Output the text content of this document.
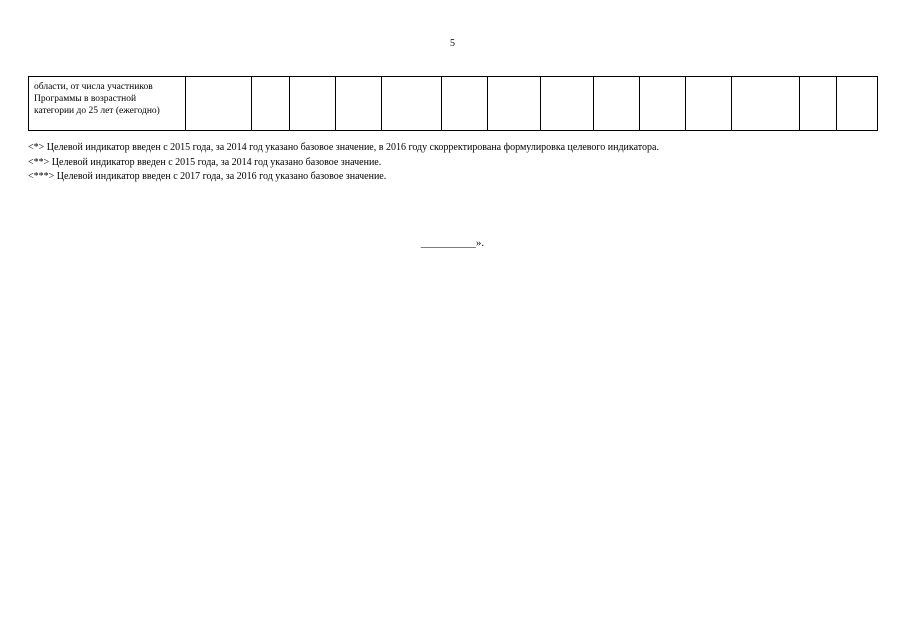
5
области, от числа участников
Программы в возрастной
категории до 25 лет (ежегодно)														
<*> Целевой индикатор введен с 2015 года, за 2014 год указано базовое значение, в 2016 году скорректирована формулировка целевого индикатора.
<**> Целевой индикатор введен с 2015 года, за 2014 год указано базовое значение.
<***> Целевой индикатор введен с 2017 года, за 2016 год указано базовое значение.
__________».
